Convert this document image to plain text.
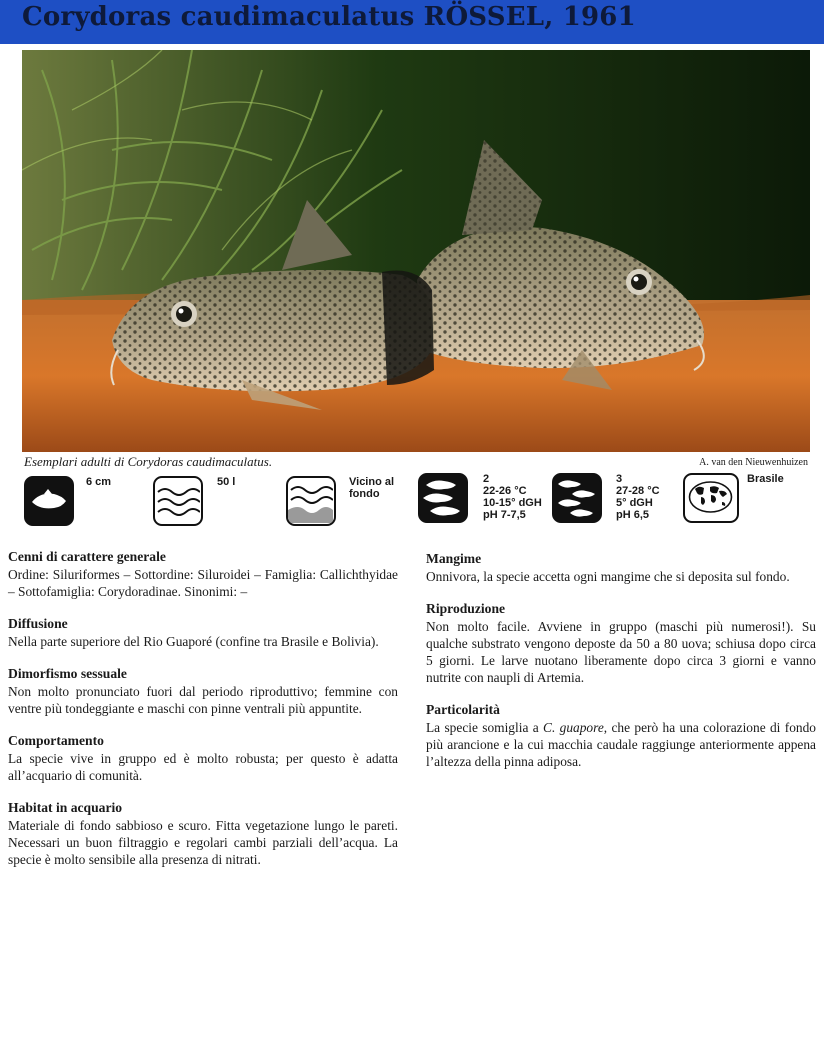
Corydoras caudimaculatus RÖSSEL, 1961
Esemplari adulti di Corydoras caudimaculatus.	A. van den Nieuwenhuizen
6 cm	50 l	Vicino al
fondo
2
22-26 °C
10-15° dGH
pH 7-7,5
3
27-28 °C
5° dGH
pH 6,5
Brasile
Cenni di carattere generale

Ordine: Siluriformes – Sottordine: Siluroidei – Famiglia: Callichthyidae – Sottofamiglia: Corydoradinae. Sinonimi: –

Diffusione

Nella parte superiore del Rio Guaporé (confine tra Brasile e Bolivia).

Dimorfismo sessuale

Non molto pronunciato fuori dal periodo riproduttivo; femmine con ventre più tondeggiante e maschi con pinne ventrali più appuntite.

Comportamento

La specie vive in gruppo ed è molto robusta; per questo è adatta all’acquario di comunità.

Habitat in acquario

Materiale di fondo sabbioso e scuro. Fitta vegetazione lungo le pareti. Necessari un buon filtraggio e regolari cambi parziali dell’acqua. La specie è molto sensibile alla presenza di nitrati.

Mangime

Onnivora, la specie accetta ogni mangime che si deposita sul fondo.

Riproduzione

Non molto facile. Avviene in gruppo (maschi più numerosi!). Su qualche substrato vengono deposte da 50 a 80 uova; schiusa dopo circa 5 giorni. Le larve nuotano liberamente dopo circa 3 giorni e vanno nutrite con naupli di Artemia.

Particolarità

La specie somiglia a C. guapore, che però ha una colorazione di fondo più arancione e la cui macchia caudale raggiunge anteriormente appena l’altezza della pinna adiposa.
